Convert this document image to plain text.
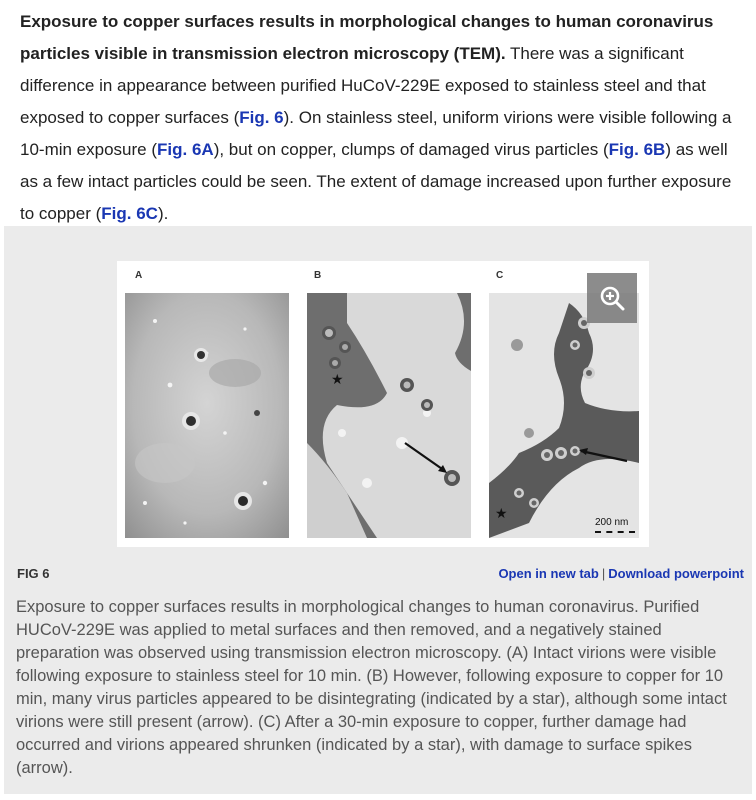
Exposure to copper surfaces results in morphological changes to human coronavirus particles visible in transmission electron microscopy (TEM). There was a significant difference in appearance between purified HuCoV-229E exposed to stainless steel and that exposed to copper surfaces (Fig. 6). On stainless steel, uniform virions were visible following a 10-min exposure (Fig. 6A), but on copper, clumps of damaged virus particles (Fig. 6B) as well as a few intact particles could be seen. The extent of damage increased upon further exposure to copper (Fig. 6C).
A	B	C
★
★
200 nm
FIG 6	Open in new tab | Download powerpoint
Exposure to copper surfaces results in morphological changes to human coronavirus. Purified HUCoV-229E was applied to metal surfaces and then removed, and a negatively stained preparation was observed using transmission electron microscopy. (A) Intact virions were visible following exposure to stainless steel for 10 min. (B) However, following exposure to copper for 10 min, many virus particles appeared to be disintegrating (indicated by a star), although some intact virions were still present (arrow). (C) After a 30-min exposure to copper, further damage had occurred and virions appeared shrunken (indicated by a star), with damage to surface spikes (arrow).
